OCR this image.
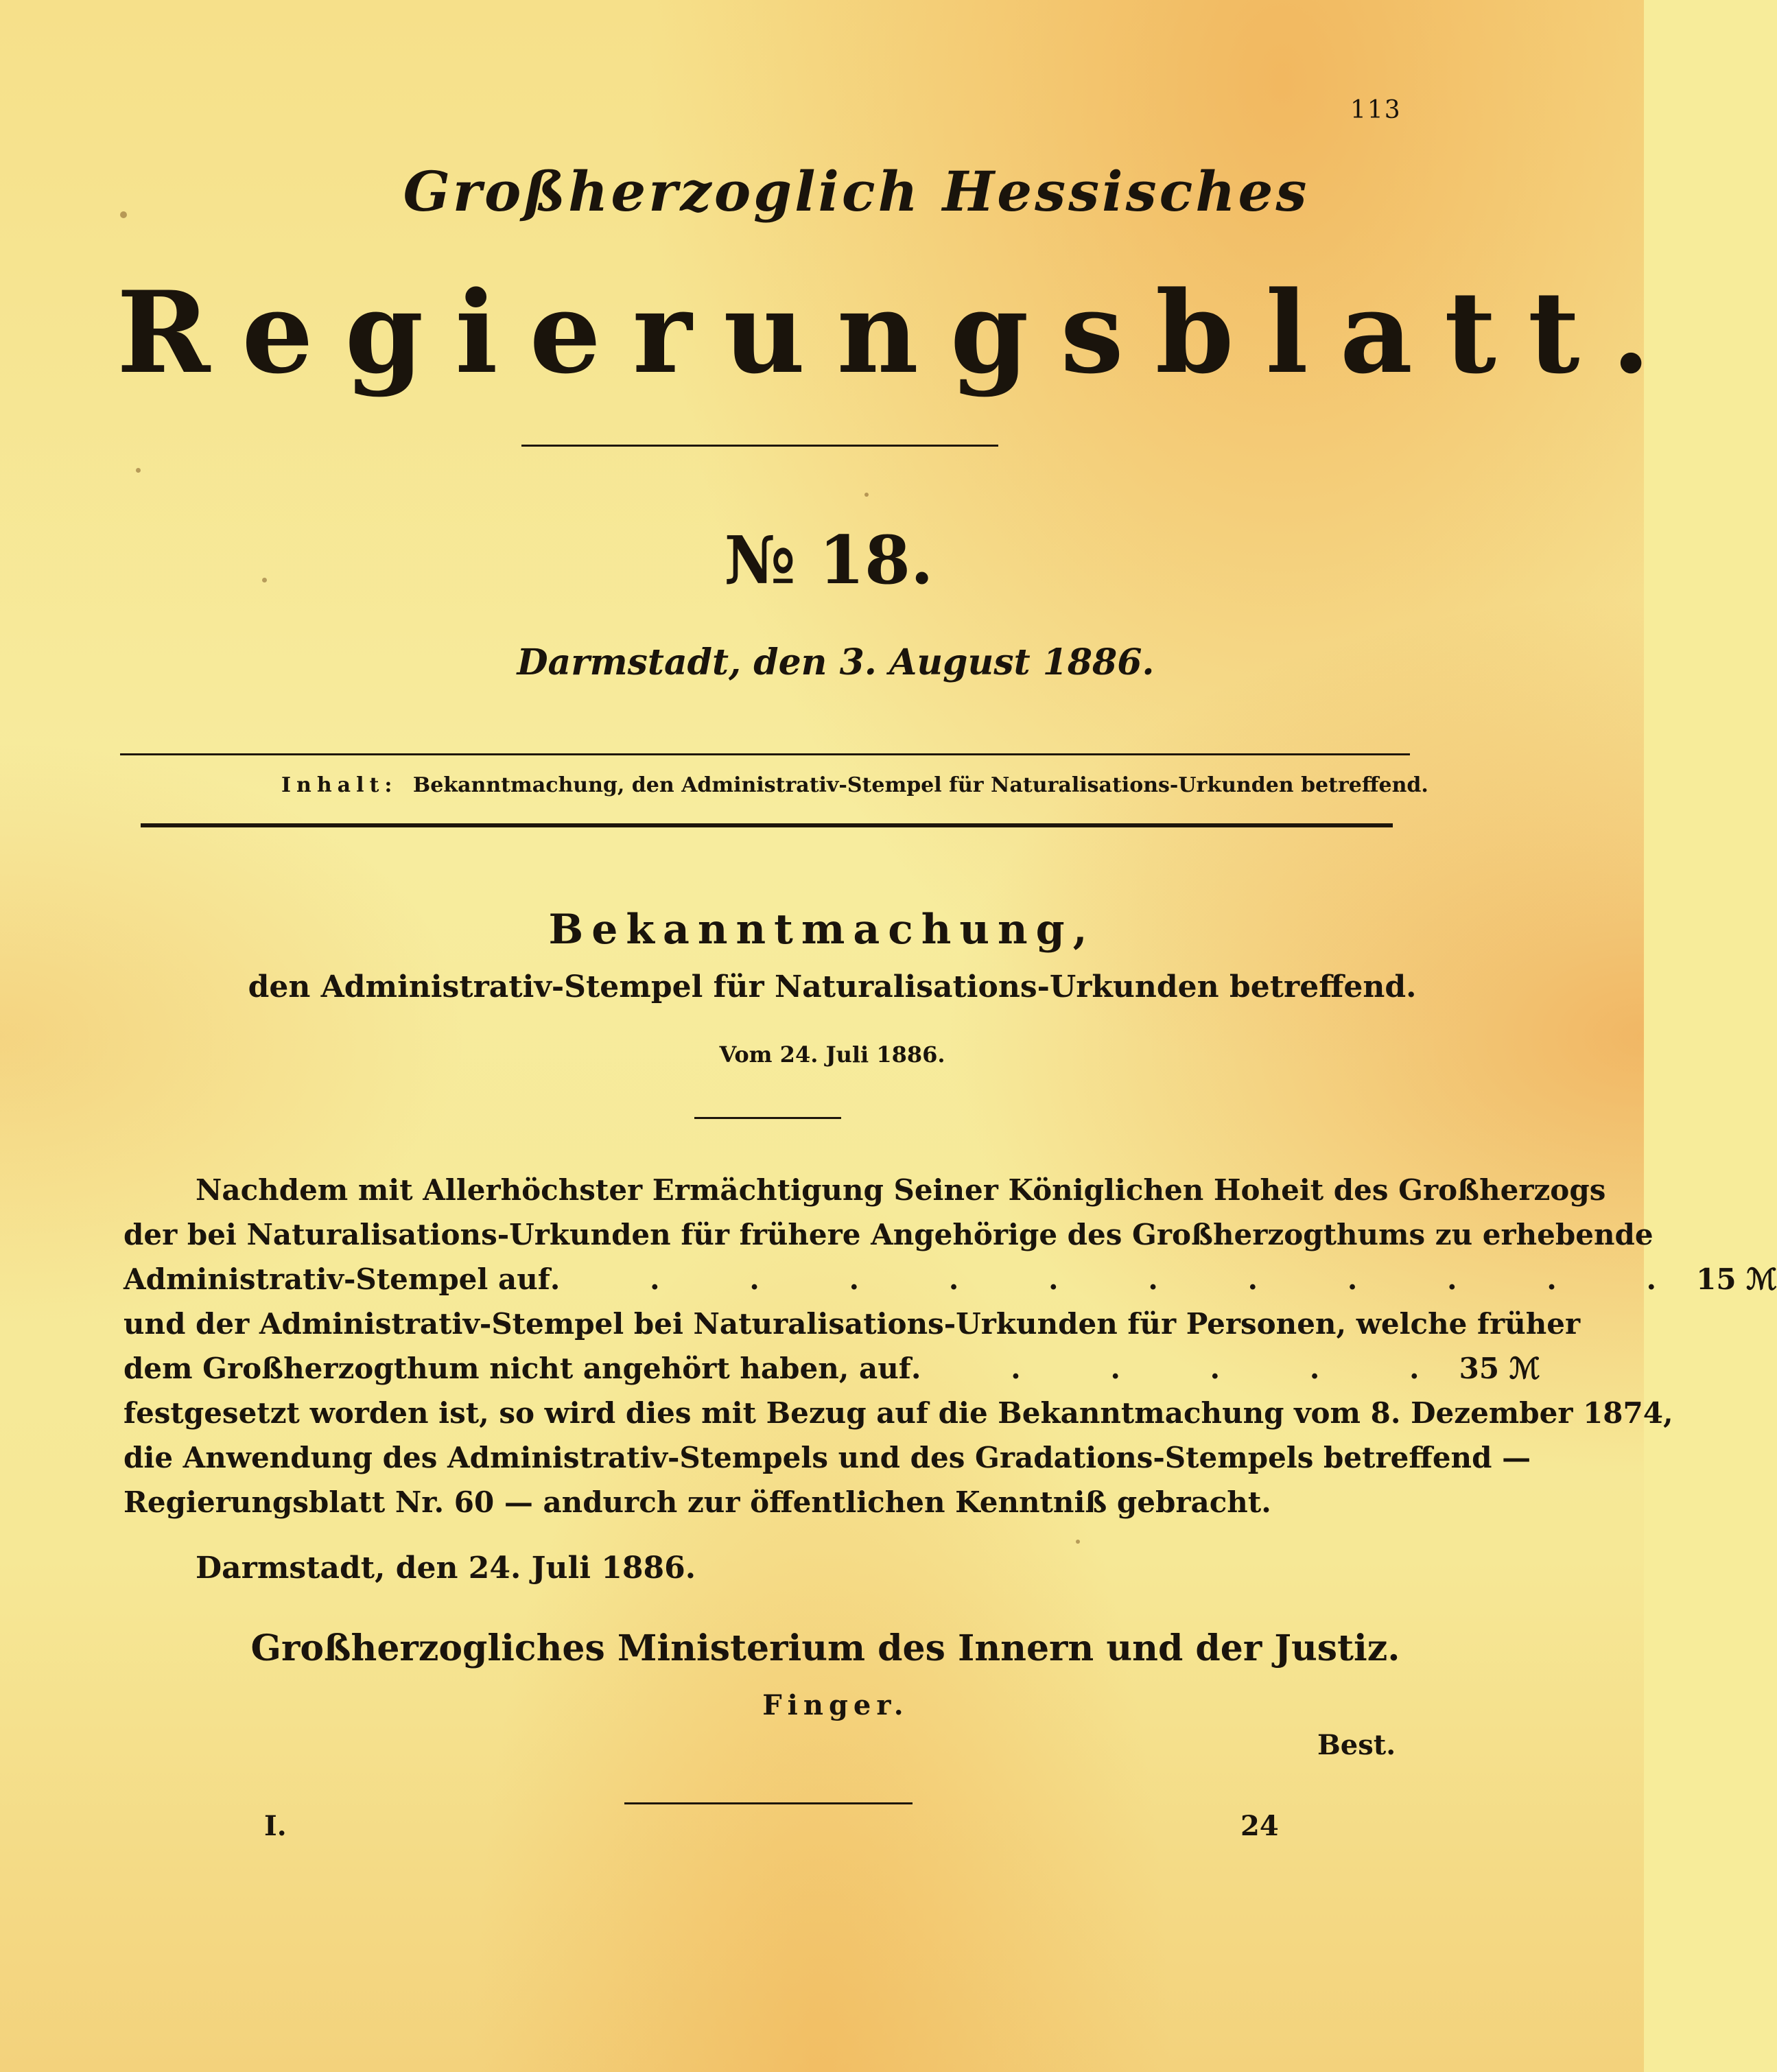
113
Großherzoglich Hessisches
Regierungsblatt.
№ 18.
Darmstadt, den 3. August 1886.
Inhalt: Bekanntmachung, den Administrativ-Stempel für Naturalisations-Urkunden betreffend.
Bekanntmachung,
den Administrativ-Stempel für Naturalisations-Urkunden betreffend.
Vom 24. Juli 1886.
Nachdem mit Allerhöchster Ermächtigung Seiner Königlichen Hoheit des Großherzogs
der bei Naturalisations-Urkunden für frühere Angehörige des Großherzogthums zu erhebende
Administrativ-Stempel auf . . . . . . . . . . . . 15 ℳ
und der Administrativ-Stempel bei Naturalisations-Urkunden für Personen, welche früher
dem Großherzogthum nicht angehört haben, auf . . . . . . 35 ℳ
festgesetzt worden ist, so wird dies mit Bezug auf die Bekanntmachung vom 8. Dezember 1874,
die Anwendung des Administrativ-Stempels und des Gradations-Stempels betreffend —
Regierungsblatt Nr. 60 — andurch zur öffentlichen Kenntniß gebracht.
Darmstadt, den 24. Juli 1886.
Großherzogliches Ministerium des Innern und der Justiz.
Finger.
Best.
I.	24
